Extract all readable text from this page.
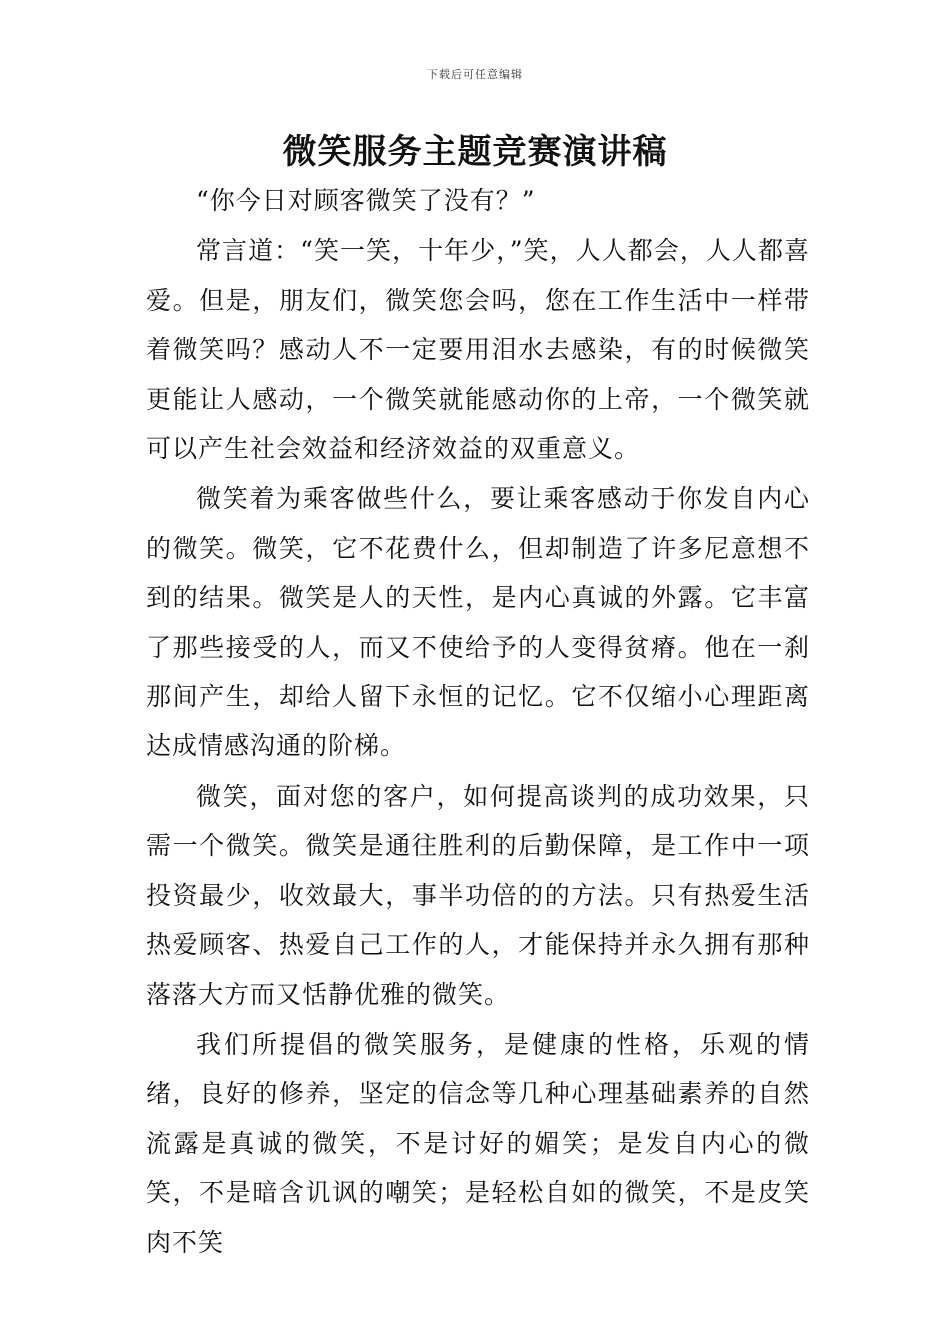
下载后可任意编辑
微笑服务主题竞赛演讲稿

“你今日对顾客微笑了没有？”

常言道：“笑一笑，十年少，”笑，人人都会，人人都喜爱。但是，朋友们，微笑您会吗，您在工作生活中一样带着微笑吗？感动人不一定要用泪水去感染，有的时候微笑更能让人感动，一个微笑就能感动你的上帝，一个微笑就可以产生社会效益和经济效益的双重意义。

微笑着为乘客做些什么，要让乘客感动于你发自内心的微笑。微笑，它不花费什么，但却制造了许多尼意想不到的结果。微笑是人的天性，是内心真诚的外露。它丰富了那些接受的人，而又不使给予的人变得贫瘠。他在一刹那间产生，却给人留下永恒的记忆。它不仅缩小心理距离达成情感沟通的阶梯。

微笑，面对您的客户，如何提高谈判的成功效果，只需一个微笑。微笑是通往胜利的后勤保障，是工作中一项投资最少，收效最大，事半功倍的的方法。只有热爱生活热爱顾客、热爱自己工作的人，才能保持并永久拥有那种落落大方而又恬静优雅的微笑。

我们所提倡的微笑服务，是健康的性格，乐观的情绪，良好的修养，坚定的信念等几种心理基础素养的自然流露是真诚的微笑，不是讨好的媚笑；是发自内心的微笑，不是暗含讥讽的嘲笑；是轻松自如的微笑，不是皮笑肉不笑
